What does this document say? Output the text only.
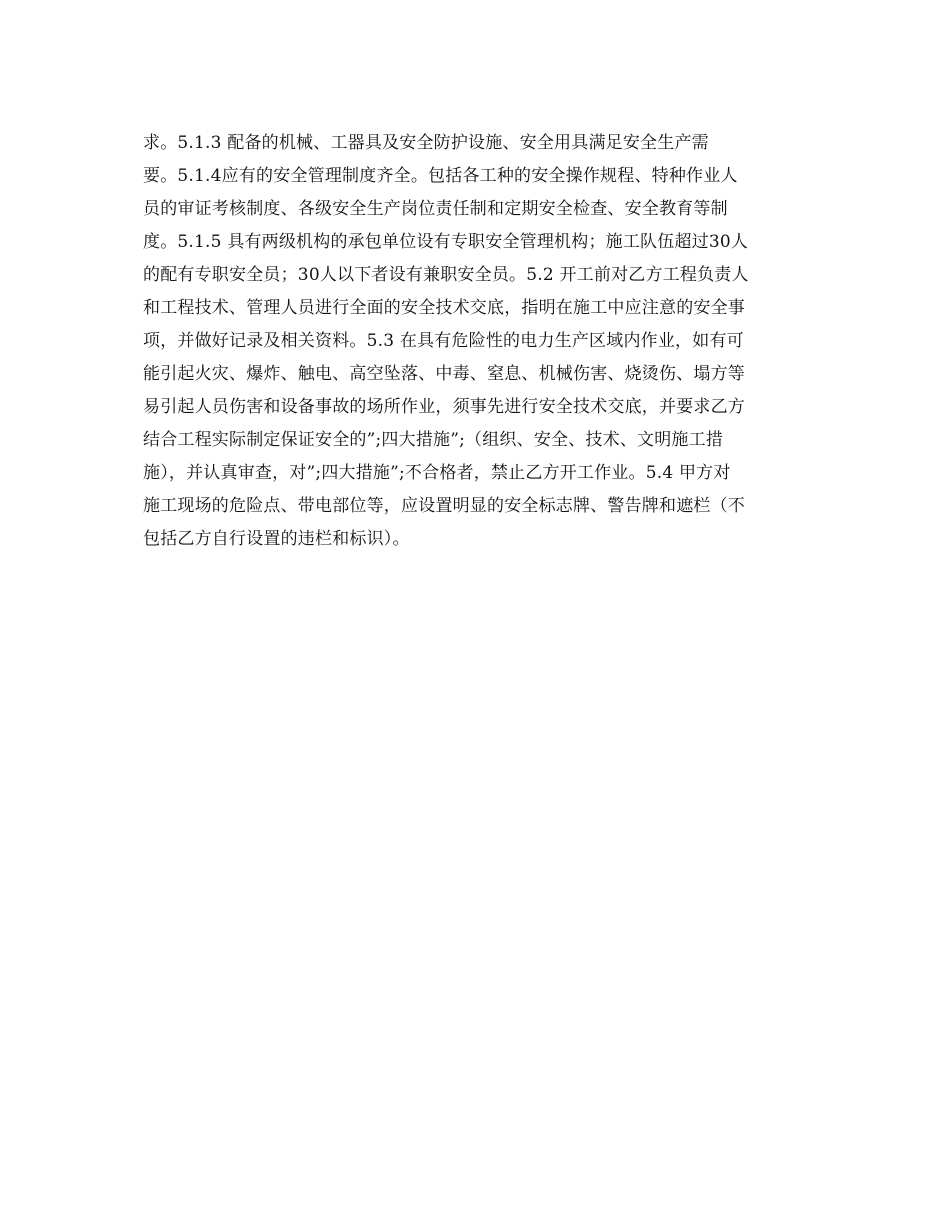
求。5.1.3 配备的机械、工器具及安全防护设施、安全用具满足安全生产需
要。5.1.4应有的安全管理制度齐全。包括各工种的安全操作规程、特种作业人
员的审证考核制度、各级安全生产岗位责任制和定期安全检查、安全教育等制
度。5.1.5 具有两级机构的承包单位设有专职安全管理机构；施工队伍超过30人
的配有专职安全员；30人以下者设有兼职安全员。5.2 开工前对乙方工程负责人
和工程技术、管理人员进行全面的安全技术交底，指明在施工中应注意的安全事
项，并做好记录及相关资料。5.3 在具有危险性的电力生产区域内作业，如有可
能引起火灾、爆炸、触电、高空坠落、中毒、窒息、机械伤害、烧烫伤、塌方等
易引起人员伤害和设备事故的场所作业，须事先进行安全技术交底，并要求乙方
结合工程实际制定保证安全的”;四大措施”;（组织、安全、技术、文明施工措
施），并认真审查，对”;四大措施”;不合格者，禁止乙方开工作业。5.4 甲方对
施工现场的危险点、带电部位等，应设置明显的安全标志牌、警告牌和遮栏（不
包括乙方自行设置的违栏和标识）。
